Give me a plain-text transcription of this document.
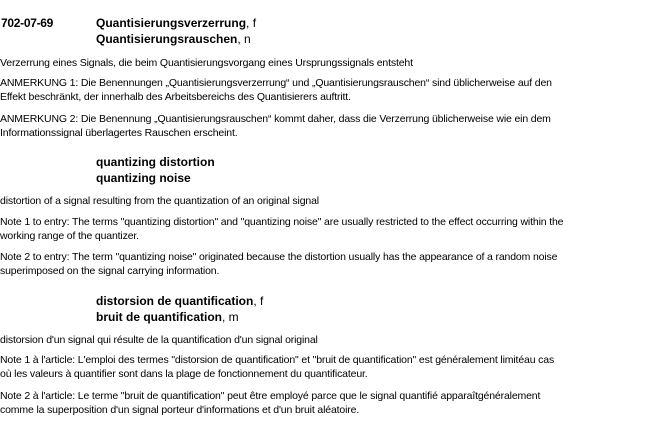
702-07-69	Quantisierungsverzerrung, f
Quantisierungsrauschen, n
Verzerrung eines Signals, die beim Quantisierungsvorgang eines Ursprungssignals entsteht
ANMERKUNG 1: Die Benennungen „Quantisierungsverzerrung“ und „Quantisierungsrauschen“ sind üblicherweise auf den
Effekt beschränkt, der innerhalb des Arbeitsbereichs des Quantisierers auftritt.
ANMERKUNG 2: Die Benennung „Quantisierungsrauschen“ kommt daher, dass die Verzerrung üblicherweise wie ein dem
Informationssignal überlagertes Rauschen erscheint.
quantizing distortion
quantizing noise
distortion of a signal resulting from the quantization of an original signal
Note 1 to entry: The terms "quantizing distortion" and "quantizing noise" are usually restricted to the effect occurring within the
working range of the quantizer.
Note 2 to entry: The term "quantizing noise" originated because the distortion usually has the appearance of a random noise
superimposed on the signal carrying information.
distorsion de quantification, f
bruit de quantification, m
distorsion d'un signal qui résulte de la quantification d'un signal original
Note 1 à l'article: L'emploi des termes "distorsion de quantification" et "bruit de quantification" est généralement limitéau cas
où les valeurs à quantifier sont dans la plage de fonctionnement du quantificateur.
Note 2 à l'article: Le terme "bruit de quantification" peut être employé parce que le signal quantifié apparaîtgénéralement
comme la superposition d'un signal porteur d'informations et d'un bruit aléatoire.
